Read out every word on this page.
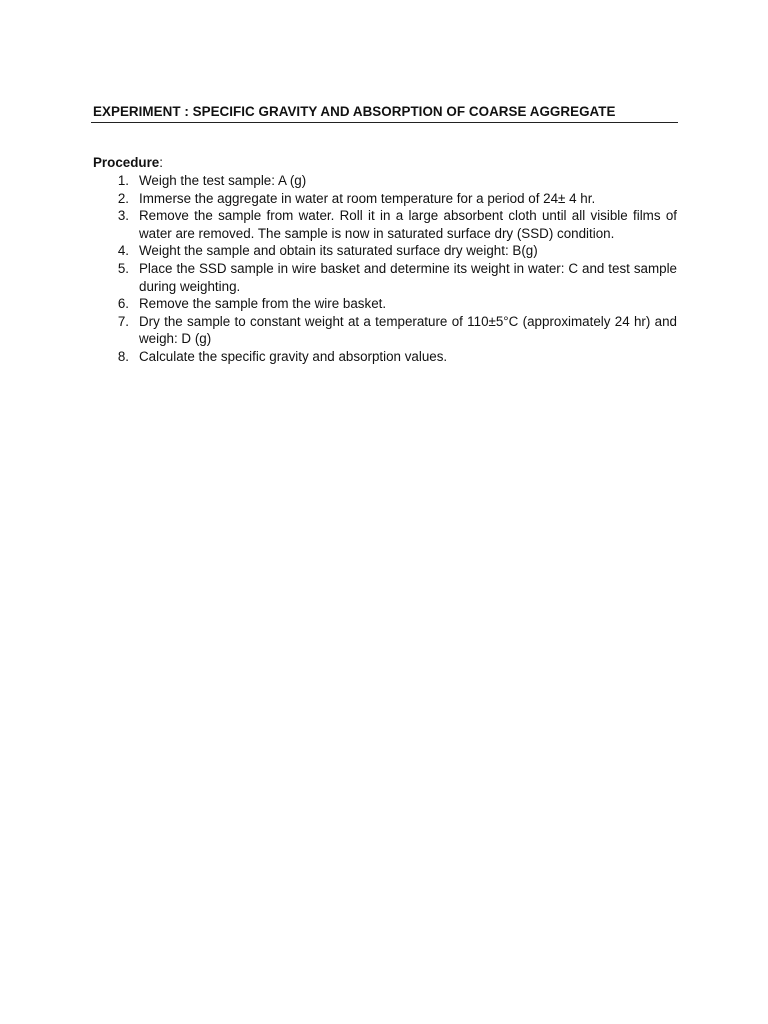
EXPERIMENT : SPECIFIC GRAVITY AND ABSORPTION OF COARSE AGGREGATE
Procedure:
1. Weigh the test sample: A (g)
2. Immerse the aggregate in water at room temperature for a period of 24± 4 hr.
3. Remove the sample from water. Roll it in a large absorbent cloth until all visible films of water are removed. The sample is now in saturated surface dry (SSD) condition.
4. Weight the sample and obtain its saturated surface dry weight: B(g)
5. Place the SSD sample in wire basket and determine its weight in water: C and test sample during weighting.
6. Remove the sample from the wire basket.
7. Dry the sample to constant weight at a temperature of 110±5°C (approximately 24 hr) and weigh: D (g)
8. Calculate the specific gravity and absorption values.
